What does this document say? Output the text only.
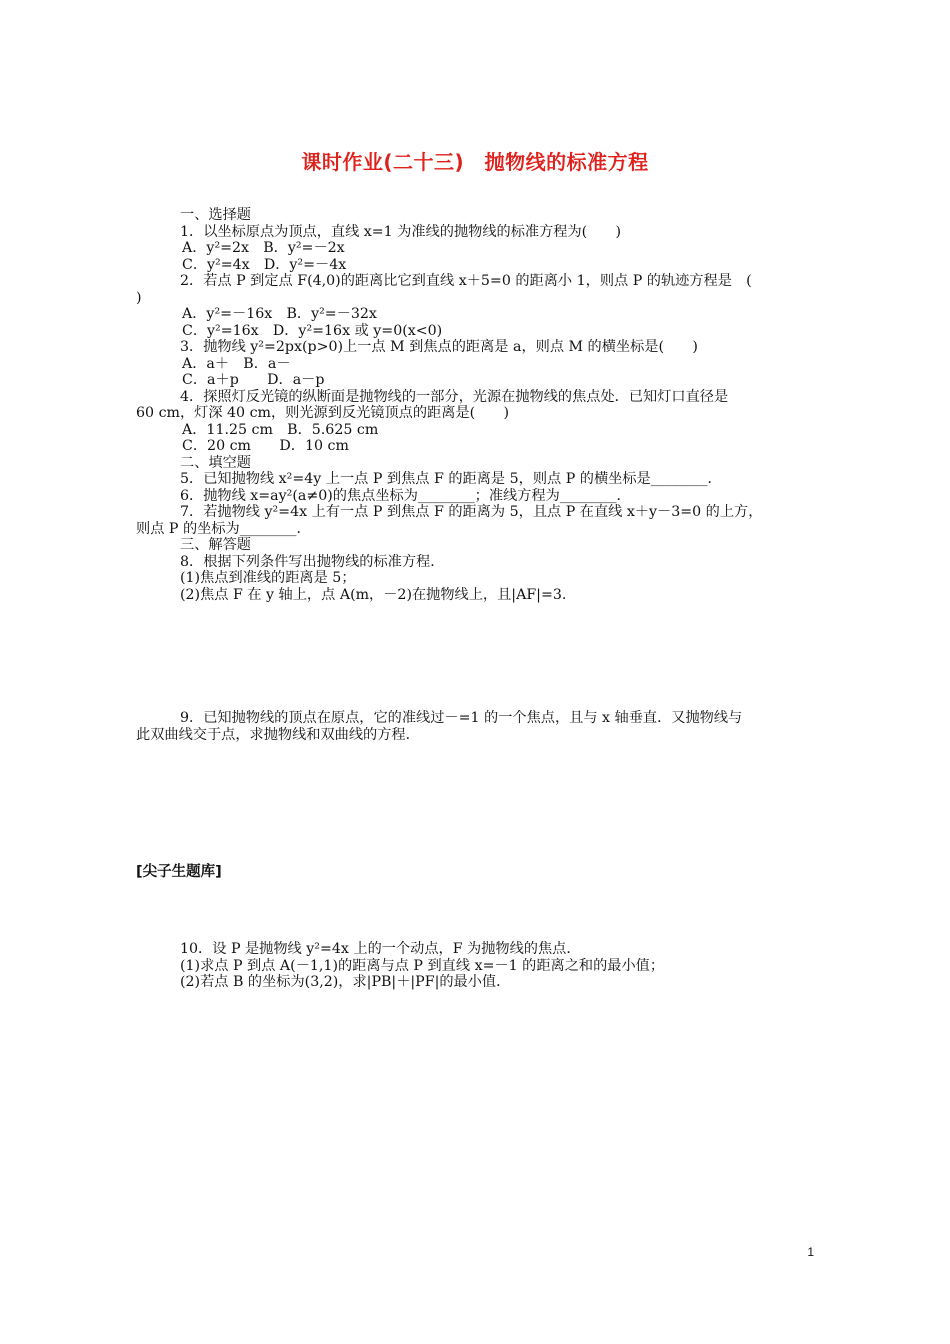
课时作业(二十三)　抛物线的标准方程
一、选择题
1．以坐标原点为顶点，直线 x=1 为准线的抛物线的标准方程为(　　)
A．y²=2x　B．y²=－2x
C．y²=4x　D．y²=－4x
2．若点 P 到定点 F(4,0)的距离比它到直线 x＋5=0 的距离小 1，则点 P 的轨迹方程是　(
)
A．y²=－16x　B．y²=－32x
C．y²=16x　D．y²=16x 或 y=0(x<0)
3．抛物线 y²=2px(p>0)上一点 M 到焦点的距离是 a，则点 M 的横坐标是(　　)
A．a＋　B．a－
C．a＋p　　D．a－p
4．探照灯反光镜的纵断面是抛物线的一部分，光源在抛物线的焦点处．已知灯口直径是
60 cm，灯深 40 cm，则光源到反光镜顶点的距离是(　　)
A．11.25 cm　B．5.625 cm
C．20 cm　　D．10 cm
二、填空题
5．已知抛物线 x²=4y 上一点 P 到焦点 F 的距离是 5，则点 P 的横坐标是________．
6．抛物线 x=ay²(a≠0)的焦点坐标为________；准线方程为________．
7．若抛物线 y²=4x 上有一点 P 到焦点 F 的距离为 5，且点 P 在直线 x＋y－3=0 的上方，
则点 P 的坐标为________．
三、解答题
8．根据下列条件写出抛物线的标准方程．
(1)焦点到准线的距离是 5；
(2)焦点 F 在 y 轴上，点 A(m，－2)在抛物线上，且|AF|=3.
9．已知抛物线的顶点在原点，它的准线过－=1 的一个焦点，且与 x 轴垂直．又抛物线与
此双曲线交于点，求抛物线和双曲线的方程．
[尖子生题库]
10．设 P 是抛物线 y²=4x 上的一个动点，F 为抛物线的焦点．
(1)求点 P 到点 A(－1,1)的距离与点 P 到直线 x=－1 的距离之和的最小值；
(2)若点 B 的坐标为(3,2)，求|PB|＋|PF|的最小值．
1
